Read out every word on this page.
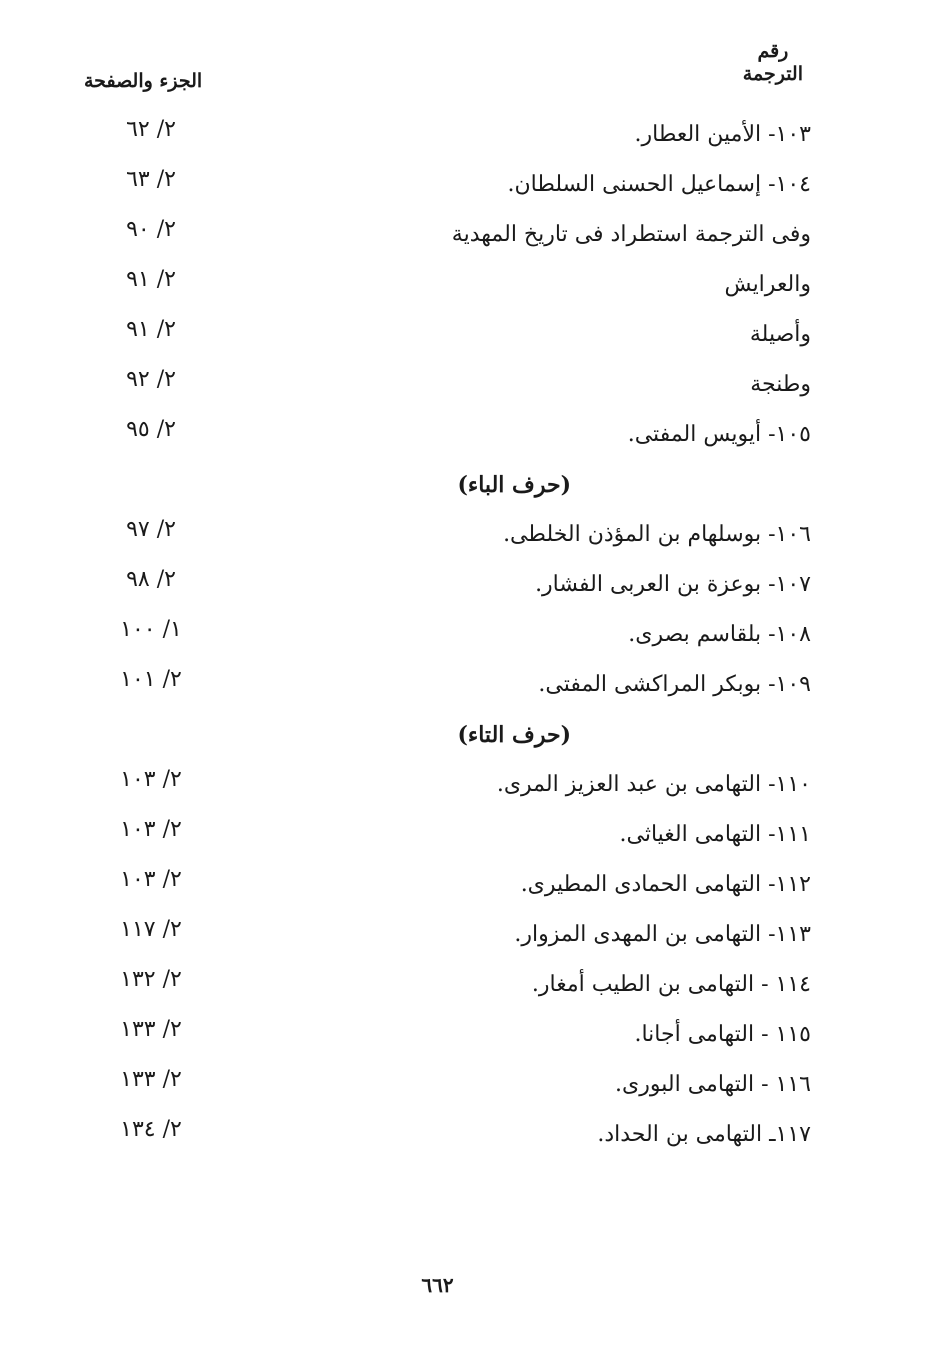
رقم
الترجمة
الجزء والصفحة
١٠٣- الأمين العطار.
٢/ ٦٢
١٠٤- إسماعيل الحسنى السلطان.
٢/ ٦٣
وفى الترجمة استطراد فى تاريخ المهدية
٢/ ٩٠
والعرايش
٢/ ٩١
وأصيلة
٢/ ٩١
وطنجة
٢/ ٩٢
١٠٥- أيويس المفتى.
٢/ ٩٥
(حرف الباء)
١٠٦- بوسلهام بن المؤذن الخلطى.
٢/ ٩٧
١٠٧- بوعزة بن العربى الفشار.
٢/ ٩٨
١٠٨- بلقاسم بصرى.
١/ ١٠٠
١٠٩- بوبكر المراكشى المفتى.
٢/ ١٠١
(حرف التاء)
١١٠- التهامى بن عبد العزيز المرى.
٢/ ١٠٣
١١١- التهامى الغياثى.
٢/ ١٠٣
١١٢- التهامى الحمادى المطيرى.
٢/ ١٠٣
١١٣- التهامى بن المهدى المزوار.
٢/ ١١٧
١١٤ - التهامى بن الطيب أمغار.
٢/ ١٣٢
١١٥ - التهامى أجانا.
٢/ ١٣٣
١١٦ - التهامى البورى.
٢/ ١٣٣
١١٧ـ التهامى بن الحداد.
٢/ ١٣٤
٦٦٢
